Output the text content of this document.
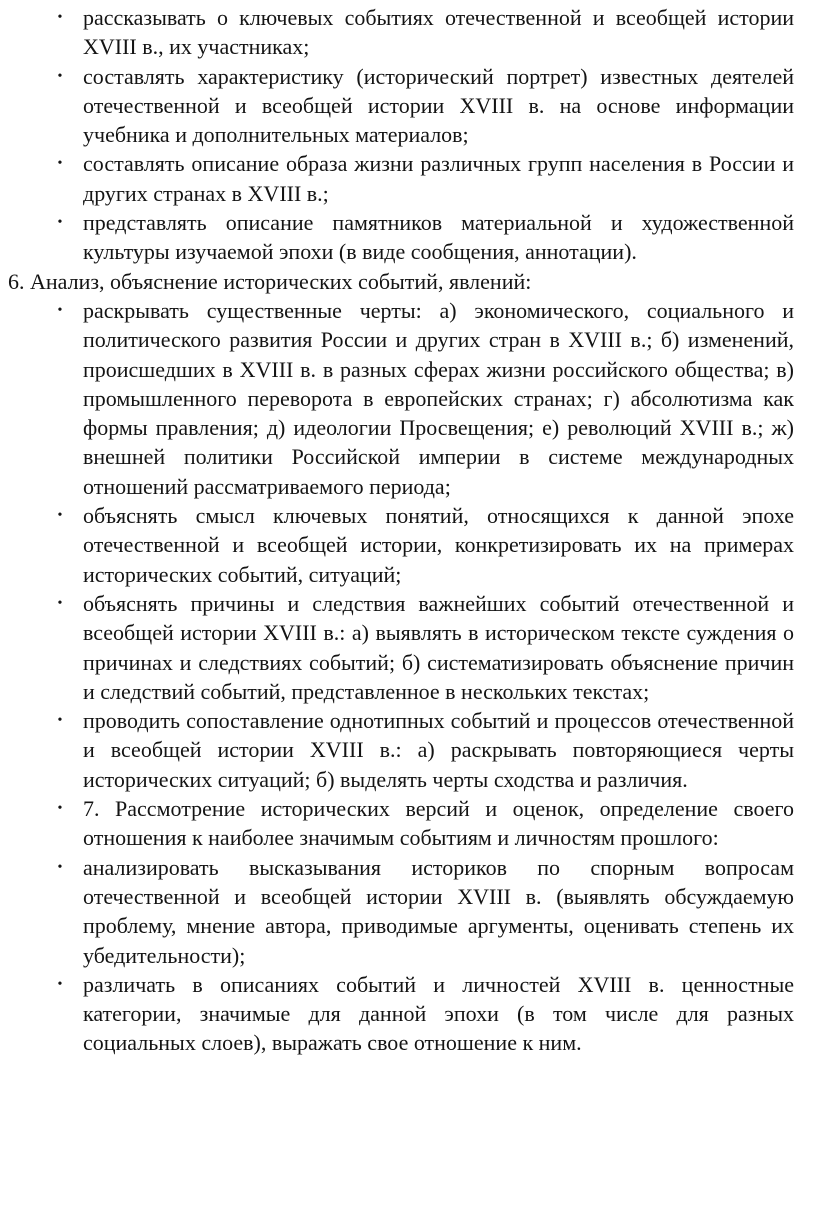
• рассказывать о ключевых событиях отечественной и всеобщей истории XVIII в., их участниках;
• составлять характеристику (исторический портрет) известных деятелей отечественной и всеобщей истории XVIII в. на основе информации учебника и дополнительных материалов;
• составлять описание образа жизни различных групп населения в России и других странах в XVIII в.;
• представлять описание памятников материальной и художественной культуры изучаемой эпохи (в виде сообщения, аннотации).

6. Анализ, объяснение исторических событий, явлений:

• раскрывать существенные черты: а) экономического, социального и политического развития России и других стран в XVIII в.; б) изменений, происшедших в XVIII в. в разных сферах жизни российского общества; в) промышленного переворота в европейских странах; г) абсолютизма как формы правления; д) идеологии Просвещения; е) революций XVIII в.; ж) внешней политики Российской империи в системе международных отношений рассматриваемого периода;
• объяснять смысл ключевых понятий, относящихся к данной эпохе отечественной и всеобщей истории, конкретизировать их на примерах исторических событий, ситуаций;
• объяснять причины и следствия важнейших событий отечественной и всеобщей истории XVIII в.: а) выявлять в историческом тексте суждения о причинах и следствиях событий; б) систематизировать объяснение причин и следствий событий, представленное в нескольких текстах;
• проводить сопоставление однотипных событий и процессов отечественной и всеобщей истории XVIII в.: а) раскрывать повторяющиеся черты исторических ситуаций; б) выделять черты сходства и различия.
• 7. Рассмотрение исторических версий и оценок, определение своего отношения к наиболее значимым событиям и личностям прошлого:
• анализировать высказывания историков по спорным вопросам отечественной и всеобщей истории XVIII в. (выявлять обсуждаемую проблему, мнение автора, приводимые аргументы, оценивать степень их убедительности);
• различать в описаниях событий и личностей XVIII в. ценностные категории, значимые для данной эпохи (в том числе для разных социальных слоев), выражать свое отношение к ним.
